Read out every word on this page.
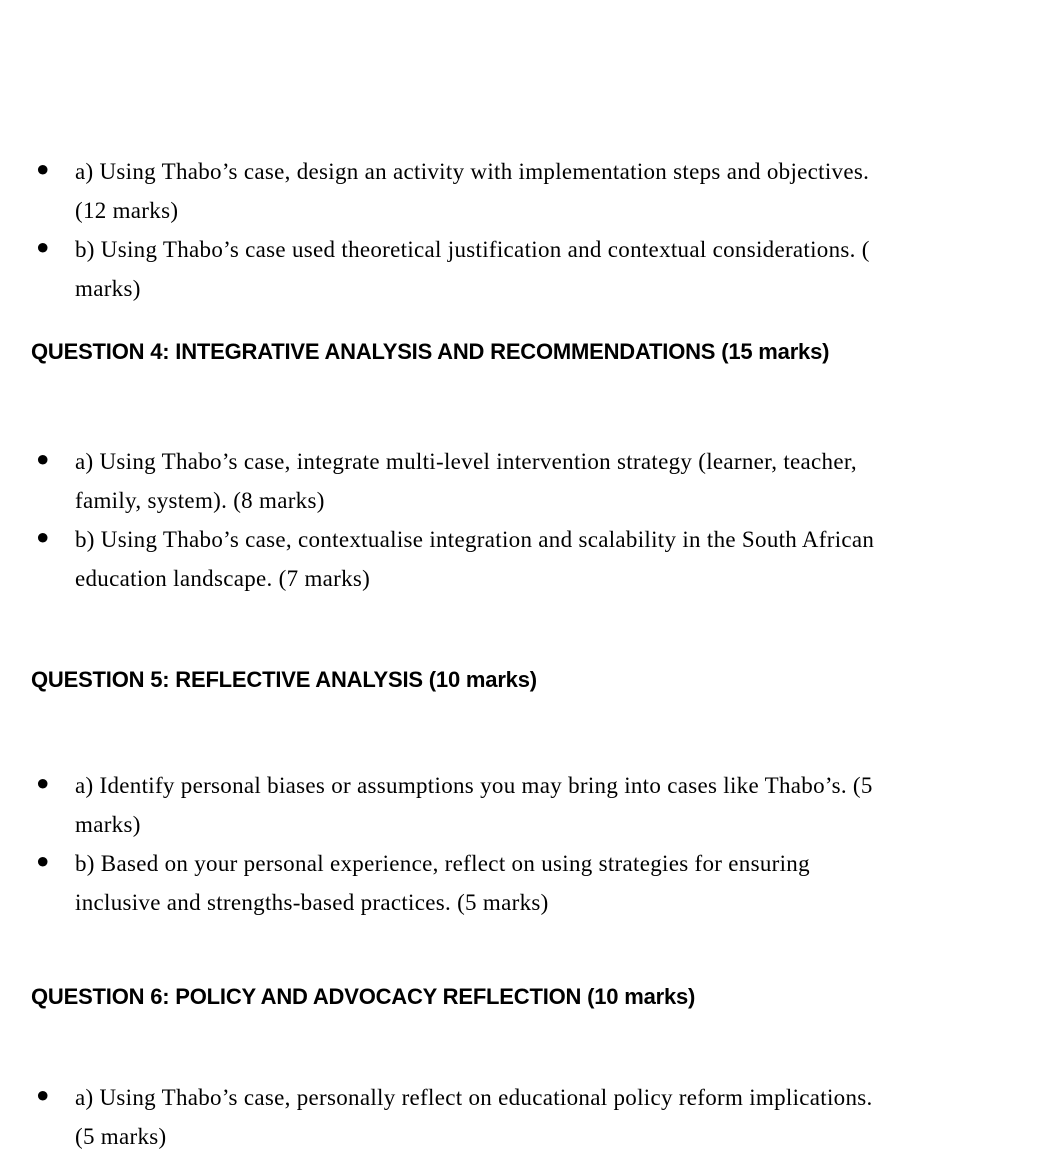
• a) Using Thabo’s case, design an activity with implementation steps and objectives.
(12 marks)
• b) Using Thabo’s case used theoretical justification and contextual considerations. (
marks)
QUESTION 4: INTEGRATIVE ANALYSIS AND RECOMMENDATIONS (15 marks)
• a) Using Thabo’s case, integrate multi-level intervention strategy (learner, teacher,
family, system). (8 marks)
• b) Using Thabo’s case, contextualise integration and scalability in the South African
education landscape. (7 marks)
QUESTION 5: REFLECTIVE ANALYSIS (10 marks)
• a) Identify personal biases or assumptions you may bring into cases like Thabo’s. (5
marks)
• b) Based on your personal experience, reflect on using strategies for ensuring
inclusive and strengths-based practices. (5 marks)
QUESTION 6: POLICY AND ADVOCACY REFLECTION (10 marks)
• a) Using Thabo’s case, personally reflect on educational policy reform implications.
(5 marks)
